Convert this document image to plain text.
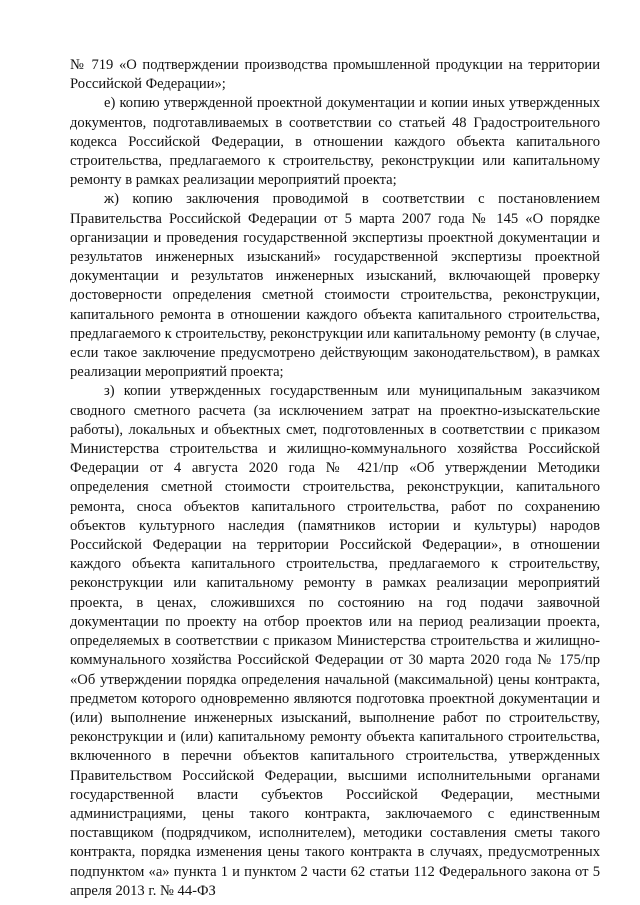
№ 719 «О подтверждении производства промышленной продукции на территории Российской Федерации»;

е) копию утвержденной проектной документации и копии иных утвержденных документов, подготавливаемых в соответствии со статьей 48 Градостроительного кодекса Российской Федерации, в отношении каждого объекта капитального строительства, предлагаемого к строительству, реконструкции или капитальному ремонту в рамках реализации мероприятий проекта;

ж) копию заключения проводимой в соответствии с постановлением Правительства Российской Федерации от 5 марта 2007 года № 145 «О порядке организации и проведения государственной экспертизы проектной документации и результатов инженерных изысканий» государственной экспертизы проектной документации и результатов инженерных изысканий, включающей проверку достоверности определения сметной стоимости строительства, реконструкции, капитального ремонта в отношении каждого объекта капитального строительства, предлагаемого к строительству, реконструкции или капитальному ремонту (в случае, если такое заключение предусмотрено действующим законодательством), в рамках реализации мероприятий проекта;

з) копии утвержденных государственным или муниципальным заказчиком сводного сметного расчета (за исключением затрат на проектно-изыскательские работы), локальных и объектных смет, подготовленных в соответствии с приказом Министерства строительства и жилищно-коммунального хозяйства Российской Федерации от 4 августа 2020 года № 421/пр «Об утверждении Методики определения сметной стоимости строительства, реконструкции, капитального ремонта, сноса объектов капитального строительства, работ по сохранению объектов культурного наследия (памятников истории и культуры) народов Российской Федерации на территории Российской Федерации», в отношении каждого объекта капитального строительства, предлагаемого к строительству, реконструкции или капитальному ремонту в рамках реализации мероприятий проекта, в ценах, сложившихся по состоянию на год подачи заявочной документации по проекту на отбор проектов или на период реализации проекта, определяемых в соответствии с приказом Министерства строительства и жилищно-коммунального хозяйства Российской Федерации от 30 марта 2020 года № 175/пр «Об утверждении порядка определения начальной (максимальной) цены контракта, предметом которого одновременно являются подготовка проектной документации и (или) выполнение инженерных изысканий, выполнение работ по строительству, реконструкции и (или) капитальному ремонту объекта капитального строительства, включенного в перечни объектов капитального строительства, утвержденных Правительством Российской Федерации, высшими исполнительными органами государственной власти субъектов Российской Федерации, местными администрациями, цены такого контракта, заключаемого с единственным поставщиком (подрядчиком, исполнителем), методики составления сметы такого контракта, порядка изменения цены такого контракта в случаях, предусмотренных подпунктом «а» пункта 1 и пунктом 2 части 62 статьи 112 Федерального закона от 5 апреля 2013 г. № 44-ФЗ
